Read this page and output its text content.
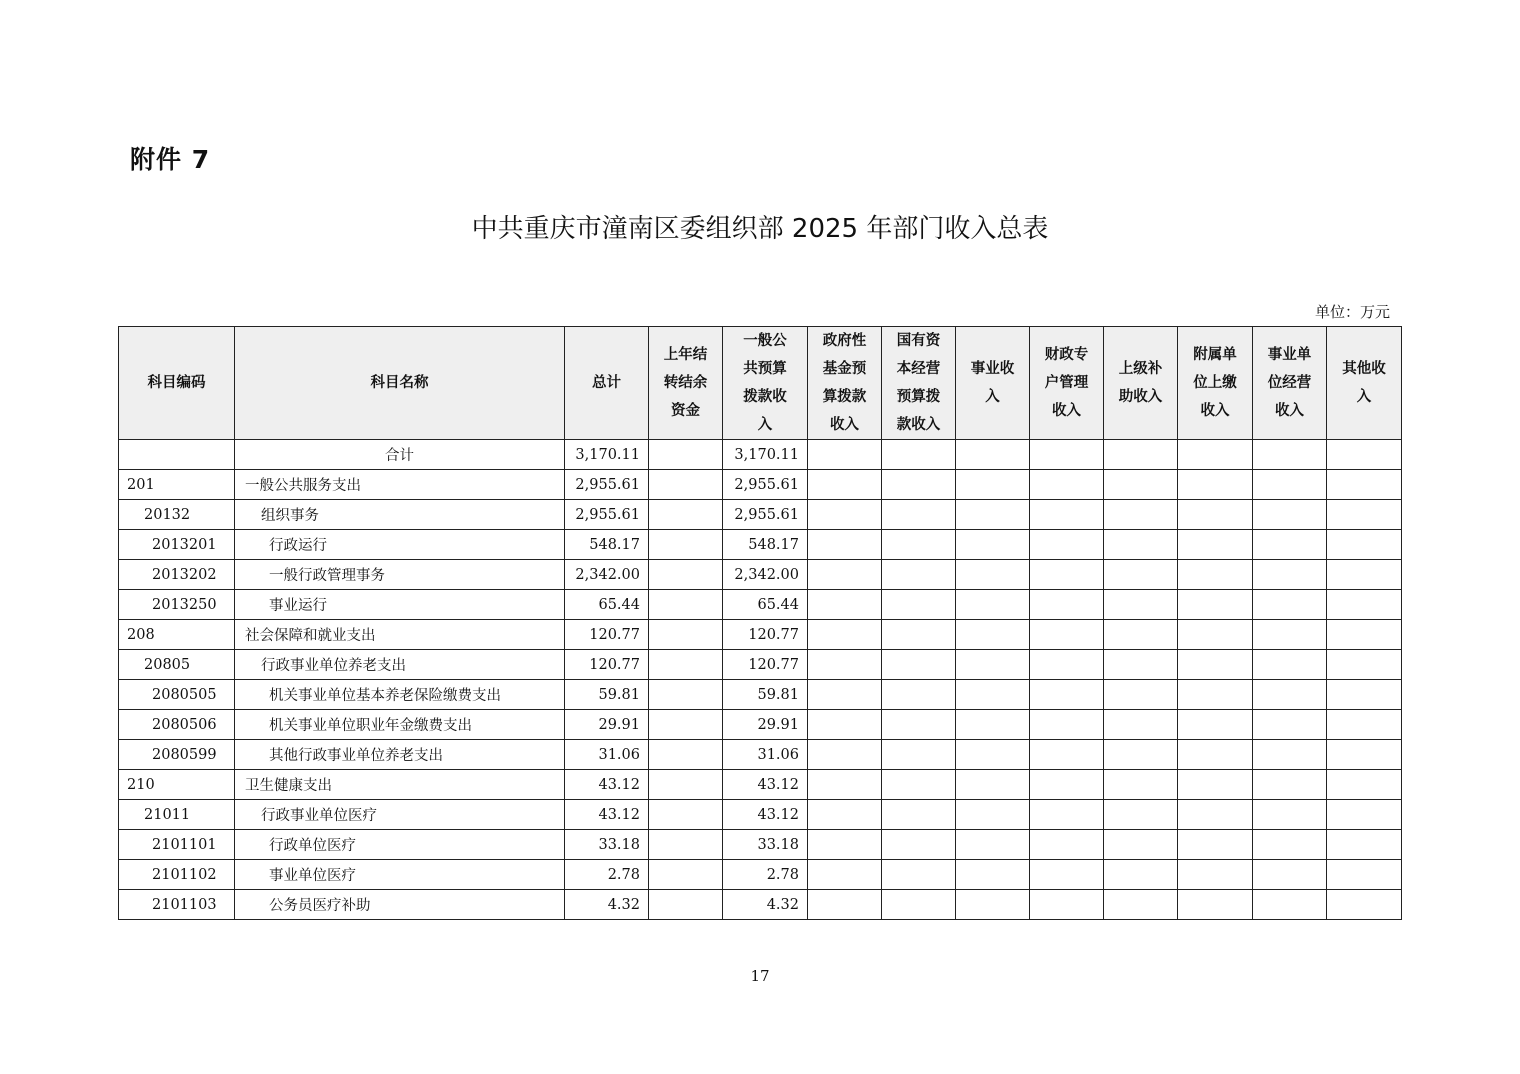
附件 7
中共重庆市潼南区委组织部 2025 年部门收入总表
单位：万元
科目编码	科目名称	总计	上年结
转结余
资金	一般公
共预算
拨款收
入	政府性
基金预
算拨款
收入	国有资
本经营
预算拨
款收入	事业收
入	财政专
户管理
收入	上级补
助收入	附属单
位上缴
收入	事业单
位经营
收入	其他收
入
	合计	3,170.11		3,170.11								
201	一般公共服务支出	2,955.61		2,955.61								
20132	组织事务	2,955.61		2,955.61								
2013201	行政运行	548.17		548.17								
2013202	一般行政管理事务	2,342.00		2,342.00								
2013250	事业运行	65.44		65.44								
208	社会保障和就业支出	120.77		120.77								
20805	行政事业单位养老支出	120.77		120.77								
2080505	机关事业单位基本养老保险缴费支出	59.81		59.81								
2080506	机关事业单位职业年金缴费支出	29.91		29.91								
2080599	其他行政事业单位养老支出	31.06		31.06								
210	卫生健康支出	43.12		43.12								
21011	行政事业单位医疗	43.12		43.12								
2101101	行政单位医疗	33.18		33.18								
2101102	事业单位医疗	2.78		2.78								
2101103	公务员医疗补助	4.32		4.32								
17
